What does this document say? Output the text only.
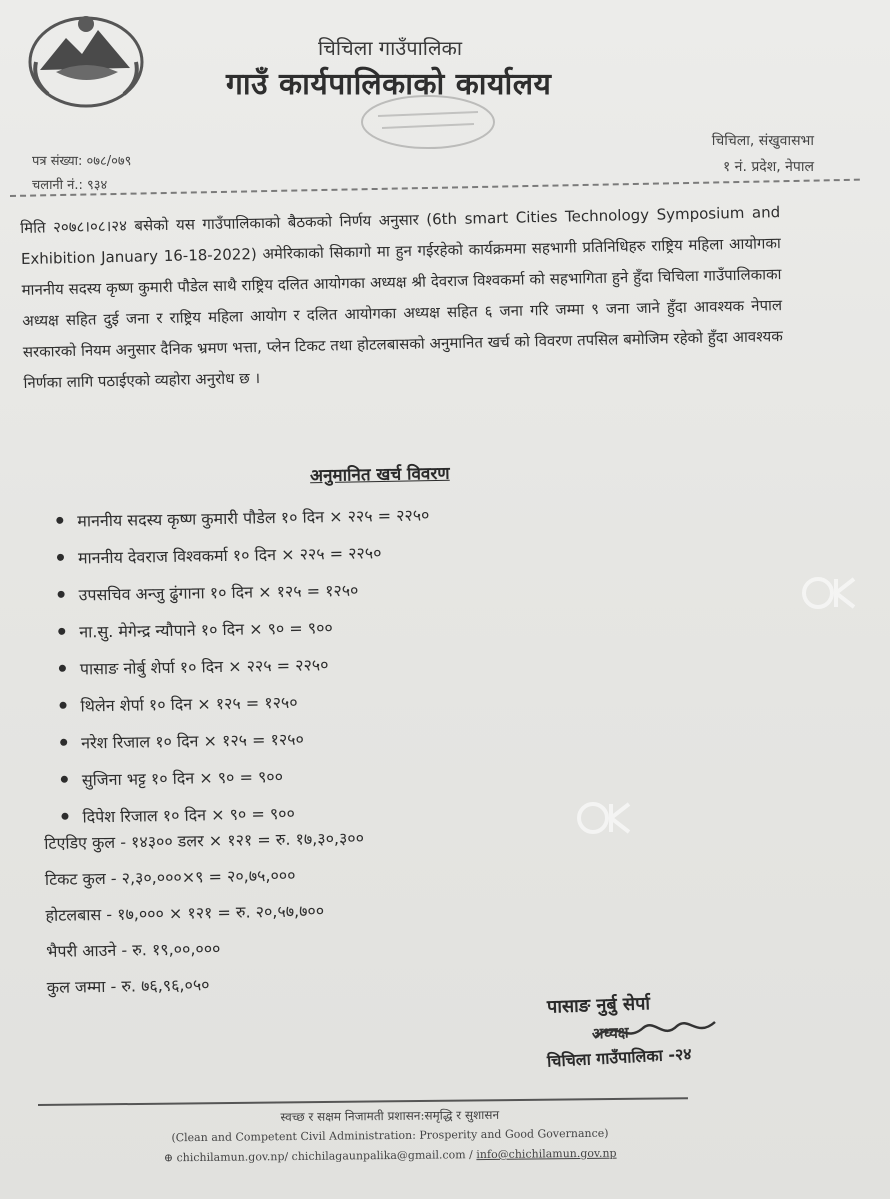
चिचिला गाउँपालिका
गाउँ कार्यपालिकाको कार्यालय
पत्र संख्या: ०७८/०७९
चलानी नं.: ९३४
चिचिला, संखुवासभा
१ नं. प्रदेश, नेपाल
मिति २०७८।०८।२४ बसेको यस गाउँपालिकाको बैठकको निर्णय अनुसार (6th smart Cities Technology Symposium and Exhibition January 16-18-2022) अमेरिकाको सिकागो मा हुन गईरहेको कार्यक्रममा सहभागी प्रतिनिधिहरु राष्ट्रिय महिला आयोगका माननीय सदस्य कृष्ण कुमारी पौडेल साथै राष्ट्रिय दलित आयोगका अध्यक्ष श्री देवराज विश्वकर्मा को सहभागिता हुने हुँदा चिचिला गाउँपालिकाका अध्यक्ष सहित दुई जना र राष्ट्रिय महिला आयोग र दलित आयोगका अध्यक्ष सहित ६ जना गरि जम्मा ९ जना जाने हुँदा आवश्यक नेपाल सरकारको नियम अनुसार दैनिक भ्रमण भत्ता, प्लेन टिकट तथा होटलबासको अनुमानित खर्च को विवरण तपसिल बमोजिम रहेको हुँदा आवश्यक निर्णका लागि पठाईएको व्यहोरा अनुरोध छ ।
अनुमानित खर्च विवरण
माननीय सदस्य कृष्ण कुमारी पौडेल १० दिन × २२५ = २२५०
माननीय देवराज विश्वकर्मा १० दिन × २२५ = २२५०
उपसचिव अन्जु ढुंगाना १० दिन × १२५ = १२५०
ना.सु. मेगेन्द्र न्यौपाने १० दिन × ९० = ९००
पासाङ नोर्बु शेर्पा १० दिन × २२५ = २२५०
थिलेन शेर्पा १० दिन × १२५ = १२५०
नरेश रिजाल १० दिन × १२५ = १२५०
सुजिना भट्ट १० दिन × ९० = ९००
दिपेश रिजाल १० दिन × ९० = ९००
टिएडिए कुल - १४३०० डलर × १२१ = रु. १७,३०,३००
टिकट कुल - २,३०,०००×९ = २०,७५,०००
होटलबास - १७,००० × १२१ = रु. २०,५७,७००
भैपरी आउने - रु. १९,००,०००
कुल जम्मा - रु. ७६,९६,०५०
पासाङ नुर्बु सेर्पा
अध्यक्ष
चिचिला गाउँपालिका -२४
स्वच्छ र सक्षम निजामती प्रशासन:समृद्धि र सुशासन
(Clean and Competent Civil Administration: Prosperity and Good Governance)
⊕ chichilamun.gov.np/ chichilagaunpalika@gmail.com / info@chichilamun.gov.np
